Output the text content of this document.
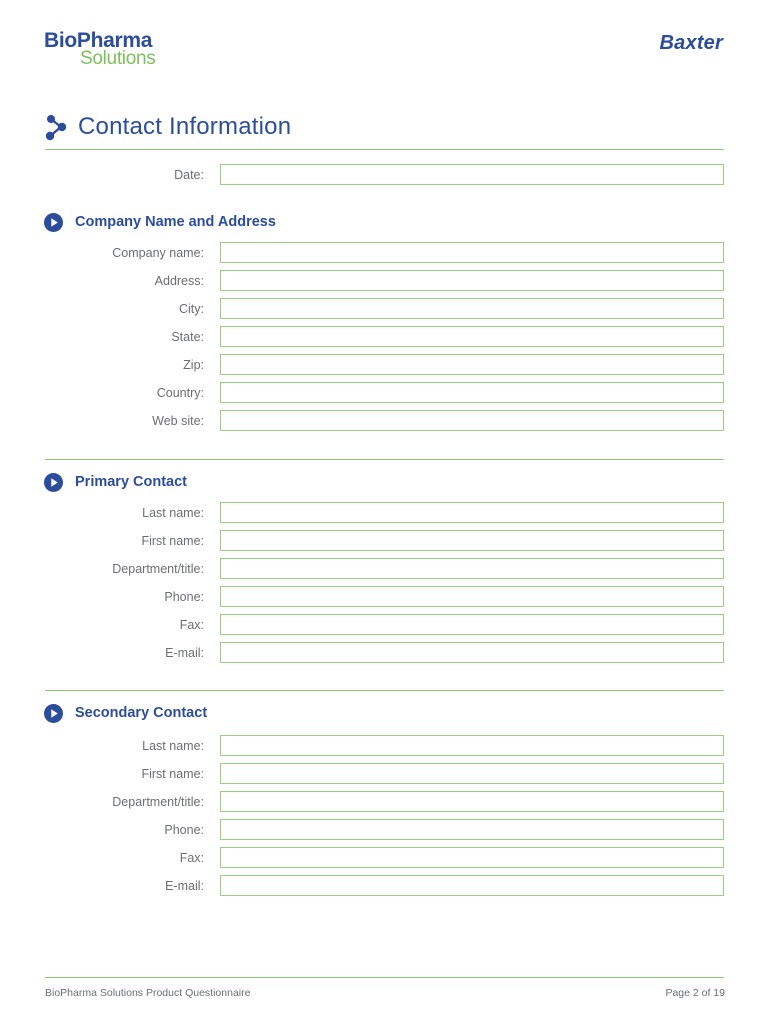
BioPharma
Solutions
Baxter
Contact Information
Date:
Company Name and Address
Company name:
Address:
City:
State:
Zip:
Country:
Web site:
Primary Contact
Last name:
First name:
Department/title:
Phone:
Fax:
E-mail:
Secondary Contact
Last name:
First name:
Department/title:
Phone:
Fax:
E-mail:
BioPharma Solutions Product Questionnaire	Page 2 of 19
